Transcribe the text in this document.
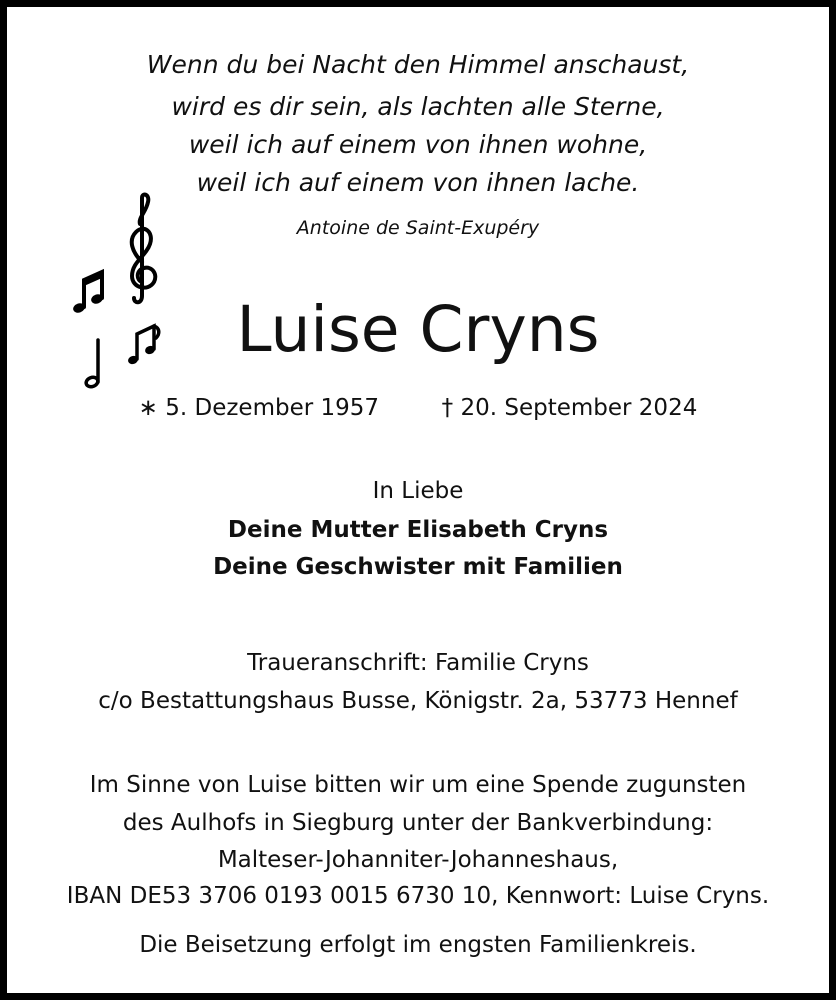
Wenn du bei Nacht den Himmel anschaust,
wird es dir sein, als lachten alle Sterne,
weil ich auf einem von ihnen wohne,
weil ich auf einem von ihnen lache.
Antoine de Saint-Exupéry
Luise Cryns
∗ 5. Dezember 1957	† 20. September 2024
In Liebe
Deine Mutter Elisabeth Cryns
Deine Geschwister mit Familien
Traueranschrift: Familie Cryns
c/o Bestattungshaus Busse, Königstr. 2a, 53773 Hennef
Im Sinne von Luise bitten wir um eine Spende zugunsten
des Aulhofs in Siegburg unter der Bankverbindung:
Malteser-Johanniter-Johanneshaus,
IBAN DE53 3706 0193 0015 6730 10, Kennwort: Luise Cryns.
Die Beisetzung erfolgt im engsten Familienkreis.
